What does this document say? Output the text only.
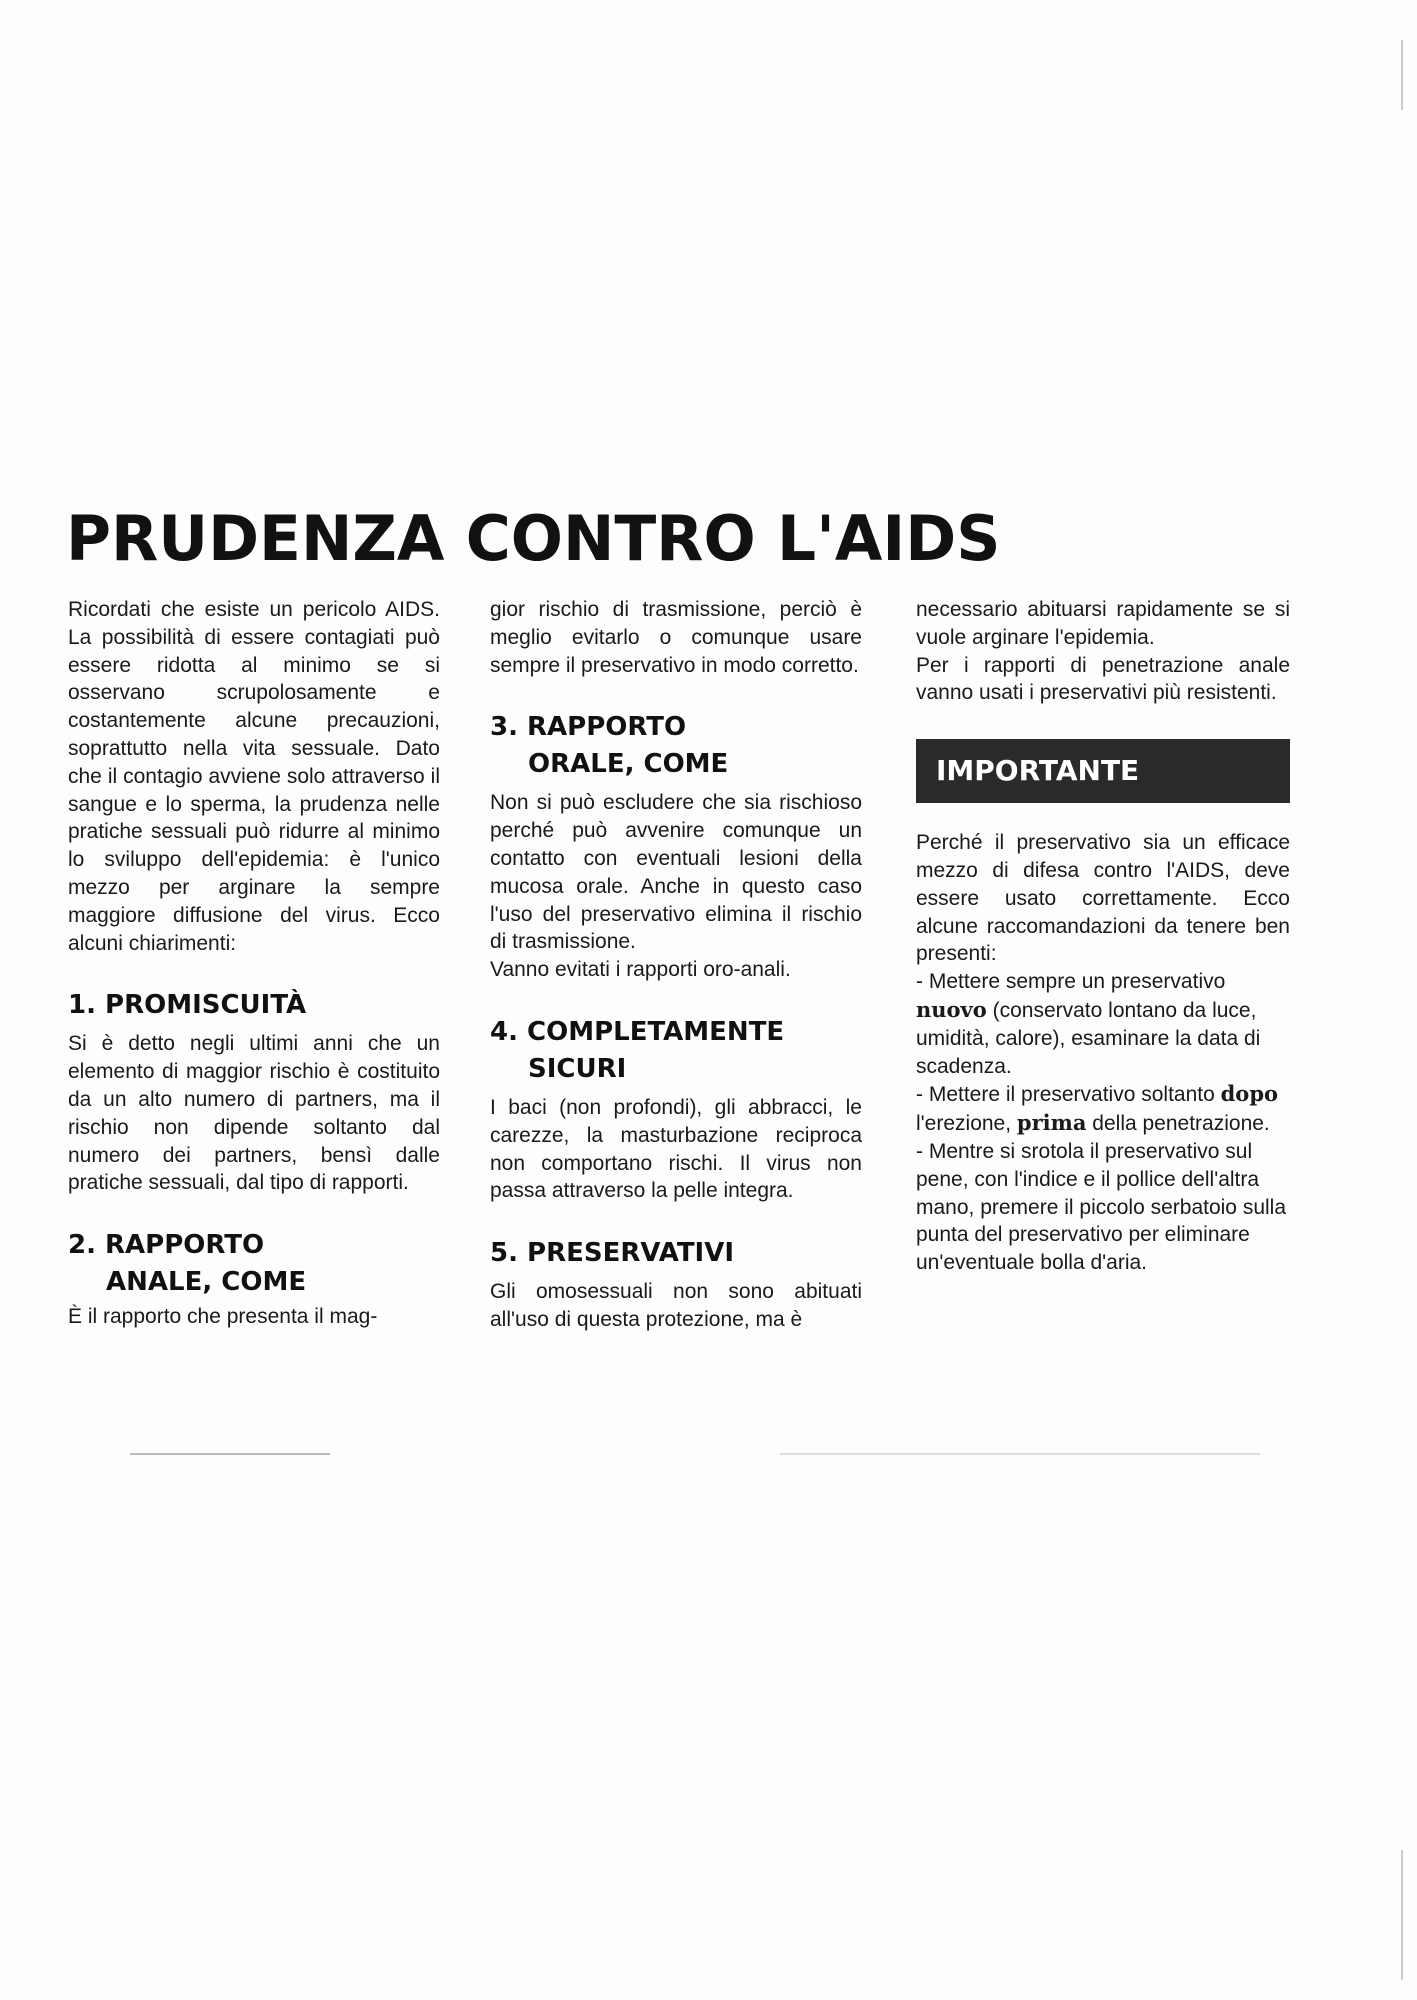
PRUDENZA CONTRO L'AIDS

Ricordati che esiste un pericolo AIDS. La possibilità di essere contagiati può essere ridotta al minimo se si osservano scrupolosamente e costantemente alcune precauzioni, soprattutto nella vita sessuale. Dato che il contagio avviene solo attraverso il sangue e lo sperma, la prudenza nelle pratiche sessuali può ridurre al minimo lo sviluppo dell'epidemia: è l'unico mezzo per arginare la sempre maggiore diffusione del virus. Ecco alcuni chiarimenti:

1. PROMISCUITÀ

Si è detto negli ultimi anni che un elemento di maggior rischio è costituito da un alto numero di partners, ma il rischio non dipende soltanto dal numero dei partners, bensì dalle pratiche sessuali, dal tipo di rapporti.

2. RAPPORTO
ANALE, COME

È il rapporto che presenta il mag-

gior rischio di trasmissione, perciò è meglio evitarlo o comunque usare sempre il preservativo in modo corretto.

3. RAPPORTO
ORALE, COME

Non si può escludere che sia rischioso perché può avvenire comunque un contatto con eventuali lesioni della mucosa orale. Anche in questo caso l'uso del preservativo elimina il rischio di trasmissione.

Vanno evitati i rapporti oro-anali.

4. COMPLETAMENTE
SICURI

I baci (non profondi), gli abbracci, le carezze, la masturbazione reciproca non comportano rischi. Il virus non passa attraverso la pelle integra.

5. PRESERVATIVI

Gli omosessuali non sono abituati all'uso di questa protezione, ma è

necessario abituarsi rapidamente se si vuole arginare l'epidemia.

Per i rapporti di penetrazione anale vanno usati i preservativi più resistenti.

IMPORTANTE

Perché il preservativo sia un efficace mezzo di difesa contro l'AIDS, deve essere usato correttamente. Ecco alcune raccomandazioni da tenere ben presenti:

- Mettere sempre un preservativo nuovo (conservato lontano da luce, umidità, calore), esaminare la data di scadenza.

- Mettere il preservativo soltanto dopo l'erezione, prima della penetrazione.

- Mentre si srotola il preservativo sul pene, con l'indice e il pollice dell'altra mano, premere il piccolo serbatoio sulla punta del preservativo per eliminare un'eventuale bolla d'aria.
